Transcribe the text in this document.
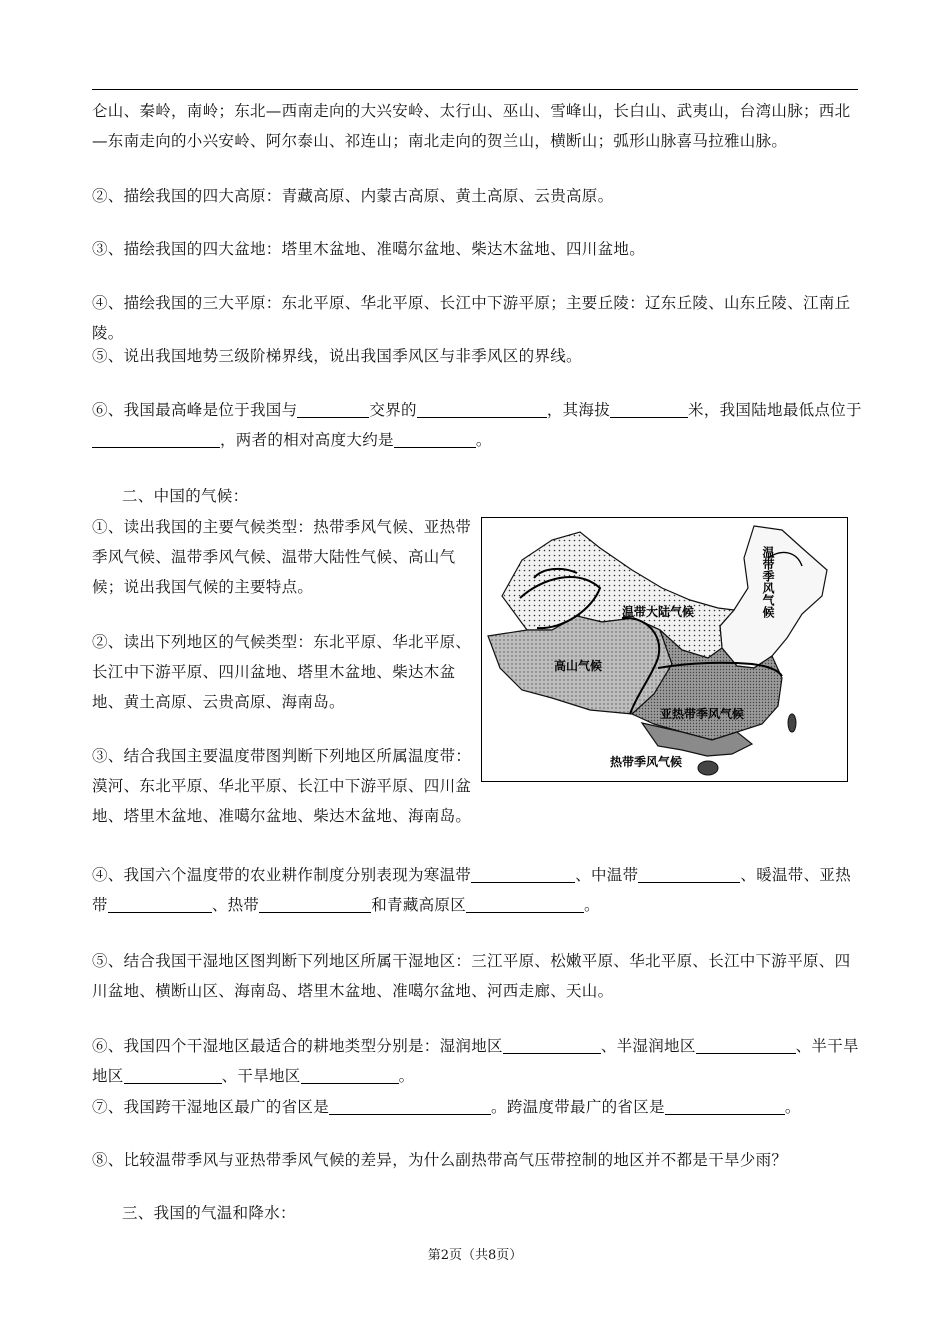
仑山、秦岭，南岭；东北—西南走向的大兴安岭、太行山、巫山、雪峰山，长白山、武夷山，台湾山脉；西北—东南走向的小兴安岭、阿尔泰山、祁连山；南北走向的贺兰山，横断山；弧形山脉喜马拉雅山脉。

②、描绘我国的四大高原：青藏高原、内蒙古高原、黄土高原、云贵高原。

③、描绘我国的四大盆地：塔里木盆地、准噶尔盆地、柴达木盆地、四川盆地。

④、描绘我国的三大平原：东北平原、华北平原、长江中下游平原；主要丘陵：辽东丘陵、山东丘陵、江南丘陵。

⑤、说出我国地势三级阶梯界线，说出我国季风区与非季风区的界线。

⑥、我国最高峰是位于我国与	交界的	，其海拔	米，我国陆地最低点位于，两者的相对高度大约是	。

二、中国的气候：

①、读出我国的主要气候类型：热带季风气候、亚热带季风气候、温带季风气候、温带大陆性气候、高山气候；说出我国气候的主要特点。

②、读出下列地区的气候类型：东北平原、华北平原、长江中下游平原、四川盆地、塔里木盆地、柴达木盆地、黄土高原、云贵高原、海南岛。

③、结合我国主要温度带图判断下列地区所属温度带：漠河、东北平原、华北平原、长江中下游平原、四川盆地、塔里木盆地、准噶尔盆地、柴达木盆地、海南岛。

温带大陆气候
高山气候
亚热带季风气候
热带季风气候
温带季风气候

④、我国六个温度带的农业耕作制度分别表现为寒温带	、中温带	、暖温带、亚热带	、热带	和青藏高原区	。

⑤、结合我国干湿地区图判断下列地区所属干湿地区：三江平原、松嫩平原、华北平原、长江中下游平原、四川盆地、横断山区、海南岛、塔里木盆地、准噶尔盆地、河西走廊、天山。

⑥、我国四个干湿地区最适合的耕地类型分别是：湿润地区	、半湿润地区	、半干旱地区	、干旱地区	。

⑦、我国跨干湿地区最广的省区是	。跨温度带最广的省区是	。

⑧、比较温带季风与亚热带季风气候的差异，为什么副热带高气压带控制的地区并不都是干旱少雨？

三、我国的气温和降水：

第2页（共8页）
